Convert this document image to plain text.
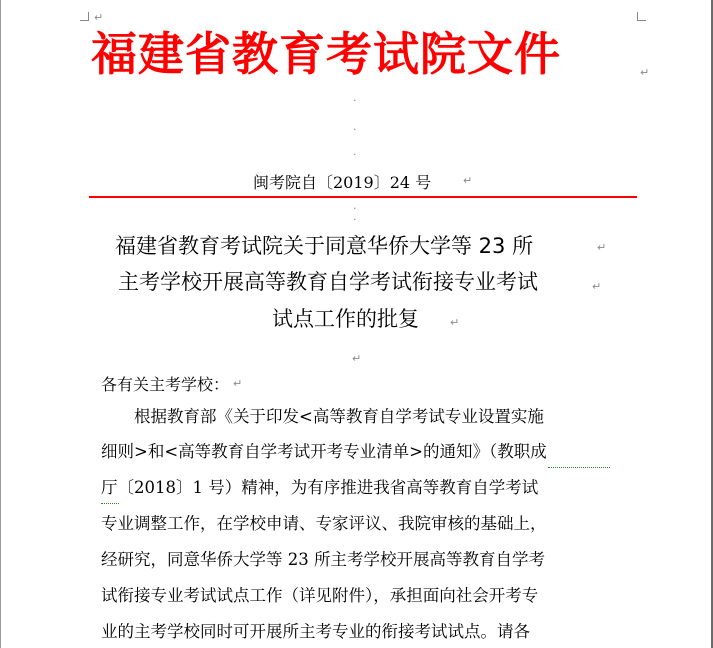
↵
福建省教育考试院文件	↵
·
·
·
闽考院自〔2019〕24 号	↵
·
·
福建省教育考试院关于同意华侨大学等 23 所	↵
主考学校开展高等教育自学考试衔接专业考试	↵
试点工作的批复	↵
↵
各有关主考学校： ↵
根据教育部《关于印发<高等教育自学考试专业设置实施
细则>和<高等教育自学考试开考专业清单>的通知》（教职成
厅〔2018〕1 号）精神，为有序推进我省高等教育自学考试
专业调整工作，在学校申请、专家评议、我院审核的基础上，
经研究，同意华侨大学等 23 所主考学校开展高等教育自学考
试衔接专业考试试点工作（详见附件），承担面向社会开考专
业的主考学校同时可开展所主考专业的衔接考试试点。请各
